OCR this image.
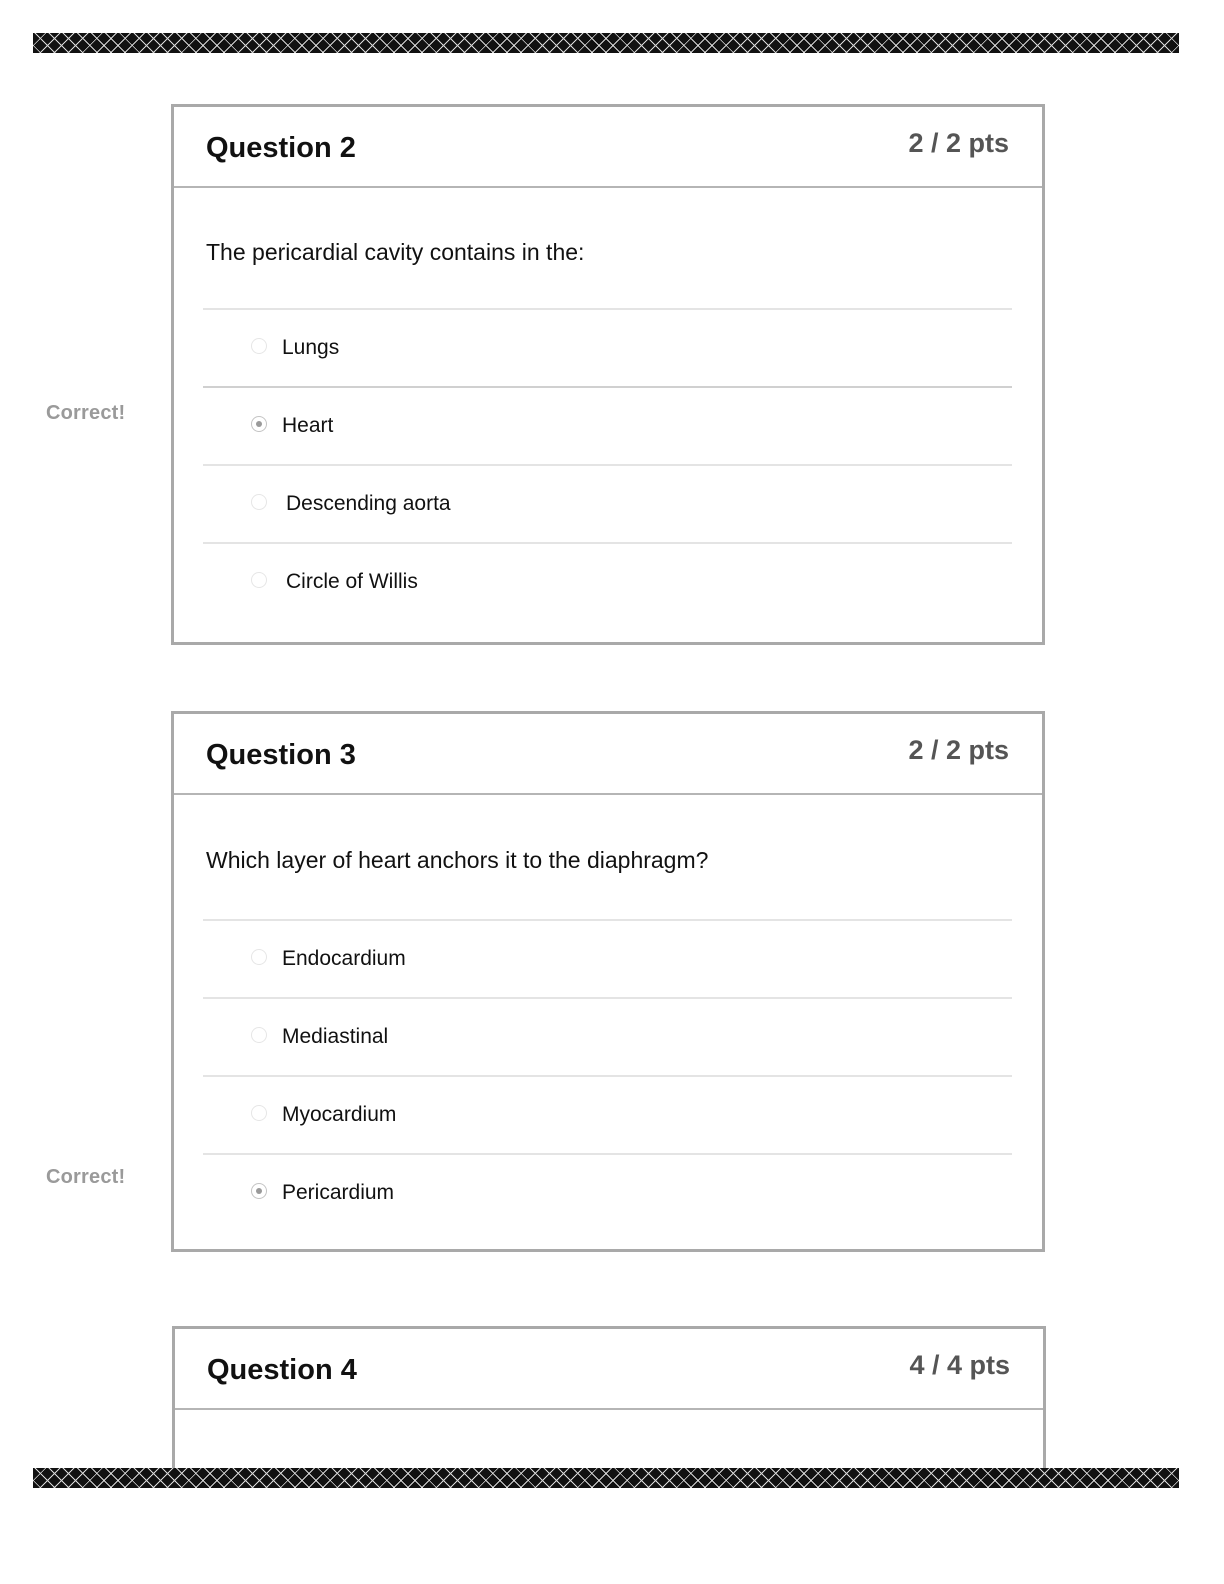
Correct!
Correct!
Question 2	2 / 2 pts
The pericardial cavity contains in the:
Lungs
Heart
Descending aorta
Circle of Willis
Question 3	2 / 2 pts
Which layer of heart anchors it to the diaphragm?
Endocardium
Mediastinal
Myocardium
Pericardium
Question 4	4 / 4 pts
